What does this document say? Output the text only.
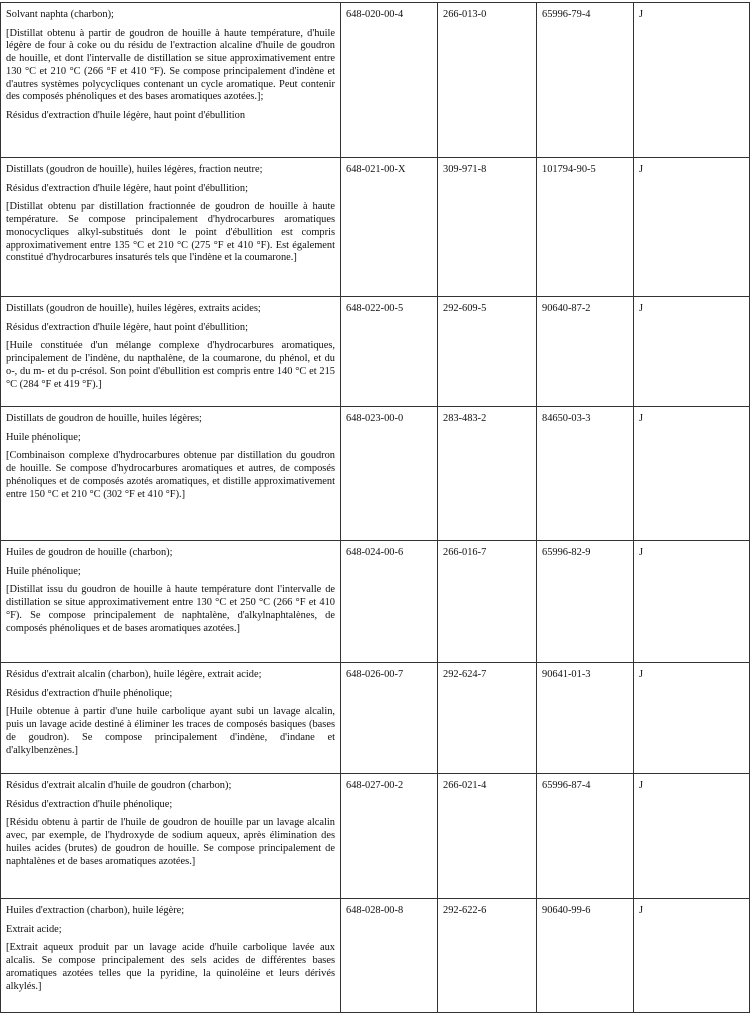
Solvant naphta (charbon);
[Distillat obtenu à partir de goudron de houille à haute température, d'huile légère de four à coke ou du résidu de l'extraction alcaline d'huile de goudron de houille, et dont l'intervalle de distillation se situe approximativement entre 130 °C et 210 °C (266 °F et 410 °F). Se compose principalement d'indène et d'autres systèmes polycycliques contenant un cycle aromatique. Peut contenir des composés phénoliques et des bases aromatiques azotées.];
Résidus d'extraction d'huile légère, haut point d'ébullition	648-020-00-4	266-013-0	65996-79-4	J

Distillats (goudron de houille), huiles légères, fraction neutre;
Résidus d'extraction d'huile légère, haut point d'ébullition;
[Distillat obtenu par distillation fractionnée de goudron de houille à haute température. Se compose principalement d'hydrocarbures aromatiques monocycliques alkyl-substitués dont le point d'ébullition est compris approximativement entre 135 °C et 210 °C (275 °F et 410 °F). Est également constitué d'hydrocarbures insaturés tels que l'indène et la coumarone.]	648-021-00-X	309-971-8	101794-90-5	J

Distillats (goudron de houille), huiles légères, extraits acides;
Résidus d'extraction d'huile légère, haut point d'ébullition;
[Huile constituée d'un mélange complexe d'hydrocarbures aromatiques, principalement de l'indène, du napthalène, de la coumarone, du phénol, et du o-, du m- et du p-crésol. Son point d'ébullition est compris entre 140 °C et 215 °C (284 °F et 419 °F).]	648-022-00-5	292-609-5	90640-87-2	J

Distillats de goudron de houille, huiles légères;
Huile phénolique;
[Combinaison complexe d'hydrocarbures obtenue par distillation du goudron de houille. Se compose d'hydrocarbures aromatiques et autres, de composés phénoliques et de composés azotés aromatiques, et distille approximativement entre 150 °C et 210 °C (302 °F et 410 °F).]	648-023-00-0	283-483-2	84650-03-3	J

Huiles de goudron de houille (charbon);
Huile phénolique;
[Distillat issu du goudron de houille à haute température dont l'intervalle de distillation se situe approximativement entre 130 °C et 250 °C (266 °F et 410 °F). Se compose principalement de naphtalène, d'alkylnaphtalènes, de composés phénoliques et de bases aromatiques azotées.]	648-024-00-6	266-016-7	65996-82-9	J

Résidus d'extrait alcalin (charbon), huile légère, extrait acide;
Résidus d'extraction d'huile phénolique;
[Huile obtenue à partir d'une huile carbolique ayant subi un lavage alcalin, puis un lavage acide destiné à éliminer les traces de composés basiques (bases de goudron). Se compose principalement d'indène, d'indane et d'alkylbenzènes.]	648-026-00-7	292-624-7	90641-01-3	J

Résidus d'extrait alcalin d'huile de goudron (charbon);
Résidus d'extraction d'huile phénolique;
[Résidu obtenu à partir de l'huile de goudron de houille par un lavage alcalin avec, par exemple, de l'hydroxyde de sodium aqueux, après élimination des huiles acides (brutes) de goudron de houille. Se compose principalement de naphtalènes et de bases aromatiques azotées.]	648-027-00-2	266-021-4	65996-87-4	J

Huiles d'extraction (charbon), huile légère;
Extrait acide;
[Extrait aqueux produit par un lavage acide d'huile carbolique lavée aux alcalis. Se compose principalement des sels acides de différentes bases aromatiques azotées telles que la pyridine, la quinoléine et leurs dérivés alkylés.]	648-028-00-8	292-622-6	90640-99-6	J
